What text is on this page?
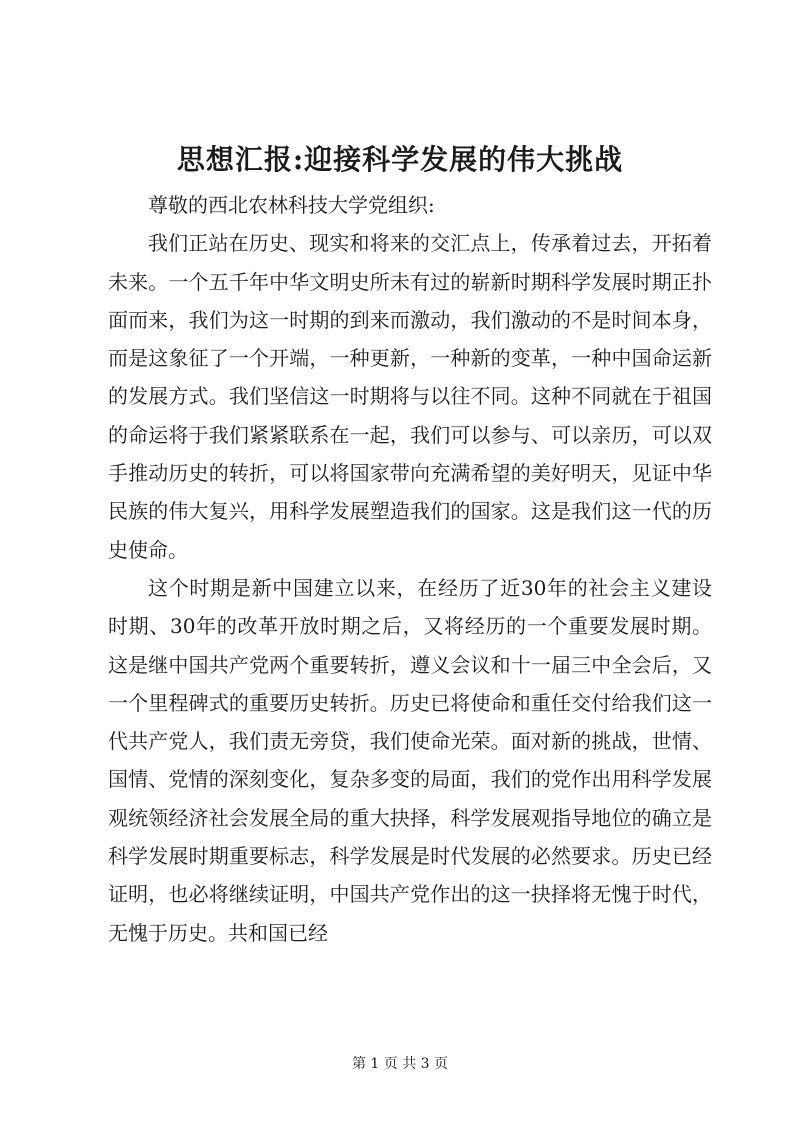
思想汇报:迎接科学发展的伟大挑战

尊敬的西北农林科技大学党组织:

我们正站在历史、现实和将来的交汇点上，传承着过去，开拓着未来。一个五千年中华文明史所未有过的崭新时期科学发展时期正扑面而来，我们为这一时期的到来而激动，我们激动的不是时间本身，而是这象征了一个开端，一种更新，一种新的变革，一种中国命运新的发展方式。我们坚信这一时期将与以往不同。这种不同就在于祖国的命运将于我们紧紧联系在一起，我们可以参与、可以亲历，可以双手推动历史的转折，可以将国家带向充满希望的美好明天，见证中华民族的伟大复兴，用科学发展塑造我们的国家。这是我们这一代的历史使命。

这个时期是新中国建立以来，在经历了近30年的社会主义建设时期、30年的改革开放时期之后，又将经历的一个重要发展时期。这是继中国共产党两个重要转折，遵义会议和十一届三中全会后，又一个里程碑式的重要历史转折。历史已将使命和重任交付给我们这一代共产党人，我们责无旁贷，我们使命光荣。面对新的挑战，世情、国情、党情的深刻变化，复杂多变的局面，我们的党作出用科学发展观统领经济社会发展全局的重大抉择，科学发展观指导地位的确立是科学发展时期重要标志，科学发展是时代发展的必然要求。历史已经证明，也必将继续证明，中国共产党作出的这一抉择将无愧于时代，无愧于历史。共和国已经

第 1 页 共 3 页
